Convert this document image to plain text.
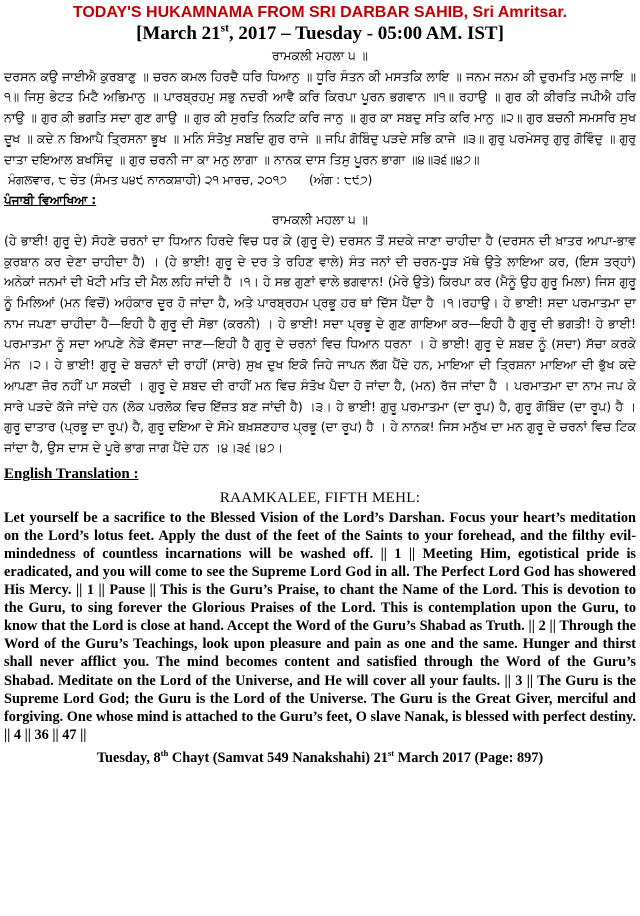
TODAY'S HUKAMNAMA FROM SRI DARBAR SAHIB, Sri Amritsar.
[March 21st, 2017 – Tuesday - 05:00 AM. IST]
ਰਾਮਕਲੀ ਮਹਲਾ ੫ ॥
ਦਰਸਨ ਕਉ ਜਾਈਐ ਕੁਰਬਾਣੁ ॥ ਚਰਨ ਕਮਲ ਹਿਰਦੈ ਧਰਿ ਧਿਆਨੁ ॥ ਧੂਰਿ ਸੰਤਨ ਕੀ ਮਸਤਕਿ ਲਾਇ ॥ ਜਨਮ ਜਨਮ ਕੀ ਦੁਰਮਤਿ ਮਲੁ ਜਾਇ ॥੧॥ ਜਿਸੁ ਭੇਟਤ ਮਿਟੈ ਅਭਿਮਾਨੁ ॥ ਪਾਰਬ੍ਰਹਮੁ ਸਭੁ ਨਦਰੀ ਆਵੈ ਕਰਿ ਕਿਰਪਾ ਪੂਰਨ ਭਗਵਾਨ ॥੧॥ ਰਹਾਉ ॥ ਗੁਰ ਕੀ ਕੀਰਤਿ ਜਪੀਐ ਹਰਿ ਨਾਉ ॥ ਗੁਰ ਕੀ ਭਗਤਿ ਸਦਾ ਗੁਣ ਗਾਉ ॥ ਗੁਰ ਕੀ ਸੁਰਤਿ ਨਿਕਟਿ ਕਰਿ ਜਾਨੁ ॥ ਗੁਰ ਕਾ ਸਬਦੁ ਸਤਿ ਕਰਿ ਮਾਨੁ ॥੨॥ ਗੁਰ ਬਚਨੀ ਸਮਸਰਿ ਸੁਖ ਦੂਖ ॥ ਕਦੇ ਨ ਬਿਆਪੈ ਤ੍ਰਿਸਨਾ ਭੂਖ ॥ ਮਨਿ ਸੰਤੋਖੁ ਸਬਦਿ ਗੁਰ ਰਾਜੇ ॥ ਜਪਿ ਗੋਬਿੰਦੁ ਪੜਦੇ ਸਭਿ ਕਾਜੇ ॥੩॥ ਗੁਰੁ ਪਰਮੇਸਰੁ ਗੁਰੁ ਗੋਵਿੰਦੁ ॥ ਗੁਰੁ ਦਾਤਾ ਦਇਆਲ ਬਖਸਿੰਦੁ ॥ ਗੁਰ ਚਰਨੀ ਜਾ ਕਾ ਮਨੁ ਲਾਗਾ ॥ ਨਾਨਕ ਦਾਸ ਤਿਸੁ ਪੂਰਨ ਭਾਗਾ ॥੪॥੩੬॥੪੭॥
ਮੰਗਲਵਾਰ, ੮ ਚੇਤ (ਸੰਮਤ ੫੪੯ ਨਾਨਕਸ਼ਾਹੀ) ੨੧ ਮਾਰਚ, ੨੦੧੭ (ਅੰਗ : ੮੯੭)
ਪੰਜਾਬੀ ਵਿਆਖਿਆ :
ਰਾਮਕਲੀ ਮਹਲਾ ੫ ॥
(ਹੇ ਭਾਈ! ਗੁਰੂ ਦੇ) ਸੋਹਣੇ ਚਰਨਾਂ ਦਾ ਧਿਆਨ ਹਿਰਦੇ ਵਿਚ ਧਰ ਕੇ (ਗੁਰੂ ਦੇ) ਦਰਸਨ ਤੋਂ ਸਦਕੇ ਜਾਣਾ ਚਾਹੀਦਾ ਹੈ (ਦਰਸਨ ਦੀ ਖ਼ਾਤਰ ਆਪਾ-ਭਾਵ ਕੁਰਬਾਨ ਕਰ ਦੇਣਾ ਚਾਹੀਦਾ ਹੈ) । (ਹੇ ਭਾਈ! ਗੁਰੂ ਦੇ ਦਰ ਤੇ ਰਹਿਣ ਵਾਲੇ) ਸੰਤ ਜਨਾਂ ਦੀ ਚਰਨ-ਧੂੜ ਮੱਥੇ ਉਤੇ ਲਾਇਆ ਕਰ, (ਇਸ ਤਰ੍ਹਾਂ) ਅਨੇਕਾਂ ਜਨਮਾਂ ਦੀ ਖੋਟੀ ਮਤਿ ਦੀ ਮੈਲ ਲਹਿ ਜਾਂਦੀ ਹੈ ।੧। ਹੇ ਸਭ ਗੁਣਾਂ ਵਾਲੇ ਭਗਵਾਨ! (ਮੇਰੇ ਉਤੇ) ਕਿਰਪਾ ਕਰ (ਮੈਨੂੰ ਉਹ ਗੁਰੂ ਮਿਲਾ) ਜਿਸ ਗੁਰੂ ਨੂੰ ਮਿਲਿਆਂ (ਮਨ ਵਿਚੋਂ) ਅਹੰਕਾਰ ਦੂਰ ਹੋ ਜਾਂਦਾ ਹੈ, ਅਤੇ ਪਾਰਬ੍ਰਹਮ ਪ੍ਰਭੂ ਹਰ ਥਾਂ ਦਿੱਸ ਪੈਂਦਾ ਹੈ ।੧।ਰਹਾਉ। ਹੇ ਭਾਈ! ਸਦਾ ਪਰਮਾਤਮਾ ਦਾ ਨਾਮ ਜਪਣਾ ਚਾਹੀਦਾ ਹੈ—ਇਹੀ ਹੈ ਗੁਰੂ ਦੀ ਸੋਭਾ (ਕਰਨੀ) । ਹੇ ਭਾਈ! ਸਦਾ ਪ੍ਰਭੂ ਦੇ ਗੁਣ ਗਾਇਆ ਕਰ—ਇਹੀ ਹੈ ਗੁਰੂ ਦੀ ਭਗਤੀ! ਹੇ ਭਾਈ! ਪਰਮਾਤਮਾ ਨੂੰ ਸਦਾ ਆਪਣੇ ਨੇੜੇ ਵੱਸਦਾ ਜਾਣ—ਇਹੀ ਹੈ ਗੁਰੂ ਦੇ ਚਰਨਾਂ ਵਿਚ ਧਿਆਨ ਧਰਨਾ । ਹੇ ਭਾਈ! ਗੁਰੂ ਦੇ ਸ਼ਬਦ ਨੂੰ (ਸਦਾ) ਸੱਚਾ ਕਰਕੇ ਮੰਨ ।੨। ਹੇ ਭਾਈ! ਗੁਰੂ ਦੇ ਬਚਨਾਂ ਦੀ ਰਾਹੀਂ (ਸਾਰੇ) ਸੁਖ ਦੁਖ ਇਕੋ ਜਿਹੇ ਜਾਪਨ ਲੱਗ ਪੈਂਦੇ ਹਨ, ਮਾਇਆ ਦੀ ਤ੍ਰਿਸ਼ਨਾ ਮਾਇਆ ਦੀ ਭੁੱਖ ਕਦੇ ਆਪਣਾ ਜ਼ੋਰ ਨਹੀਂ ਪਾ ਸਕਦੀ । ਗੁਰੂ ਦੇ ਸ਼ਬਦ ਦੀ ਰਾਹੀਂ ਮਨ ਵਿਚ ਸੰਤੋਖ ਪੈਦਾ ਹੋ ਜਾਂਦਾ ਹੈ, (ਮਨ) ਰੱਜ ਜਾਂਦਾ ਹੈ । ਪਰਮਾਤਮਾ ਦਾ ਨਾਮ ਜਪ ਕੇ ਸਾਰੇ ਪੜਦੇ ਕੱਜੇ ਜਾਂਦੇ ਹਨ (ਲੋਕ ਪਰਲੋਕ ਵਿਚ ਇੱਜ਼ਤ ਬਣ ਜਾਂਦੀ ਹੈ) ।੩। ਹੇ ਭਾਈ! ਗੁਰੂ ਪਰਮਾਤਮਾ (ਦਾ ਰੂਪ) ਹੈ, ਗੁਰੂ ਗੋਬਿੰਦ (ਦਾ ਰੂਪ) ਹੈ । ਗੁਰੂ ਦਾਤਾਰ (ਪ੍ਰਭੂ ਦਾ ਰੂਪ) ਹੈ, ਗੁਰੂ ਦਇਆ ਦੇ ਸੋਮੇ ਬਖ਼ਸ਼ਣਹਾਰ ਪ੍ਰਭੂ (ਦਾ ਰੂਪ) ਹੈ । ਹੇ ਨਾਨਕ! ਜਿਸ ਮਨੁੱਖ ਦਾ ਮਨ ਗੁਰੂ ਦੇ ਚਰਨਾਂ ਵਿਚ ਟਿਕ ਜਾਂਦਾ ਹੈ, ਉਸ ਦਾਸ ਦੇ ਪੂਰੇ ਭਾਗ ਜਾਗ ਪੈਂਦੇ ਹਨ ।੪।੩੬।੪੭।
English Translation :
RAAMKALEE, FIFTH MEHL:
Let yourself be a sacrifice to the Blessed Vision of the Lord’s Darshan. Focus your heart’s meditation on the Lord’s lotus feet. Apply the dust of the feet of the Saints to your forehead, and the filthy evil-mindedness of countless incarnations will be washed off. || 1 || Meeting Him, egotistical pride is eradicated, and you will come to see the Supreme Lord God in all. The Perfect Lord God has showered His Mercy. || 1 || Pause || This is the Guru’s Praise, to chant the Name of the Lord. This is devotion to the Guru, to sing forever the Glorious Praises of the Lord. This is contemplation upon the Guru, to know that the Lord is close at hand. Accept the Word of the Guru’s Shabad as Truth. || 2 || Through the Word of the Guru’s Teachings, look upon pleasure and pain as one and the same. Hunger and thirst shall never afflict you. The mind becomes content and satisfied through the Word of the Guru’s Shabad. Meditate on the Lord of the Universe, and He will cover all your faults. || 3 || The Guru is the Supreme Lord God; the Guru is the Lord of the Universe. The Guru is the Great Giver, merciful and forgiving. One whose mind is attached to the Guru’s feet, O slave Nanak, is blessed with perfect destiny. || 4 || 36 || 47 ||
Tuesday, 8th Chayt (Samvat 549 Nanakshahi) 21st March 2017 (Page: 897)
